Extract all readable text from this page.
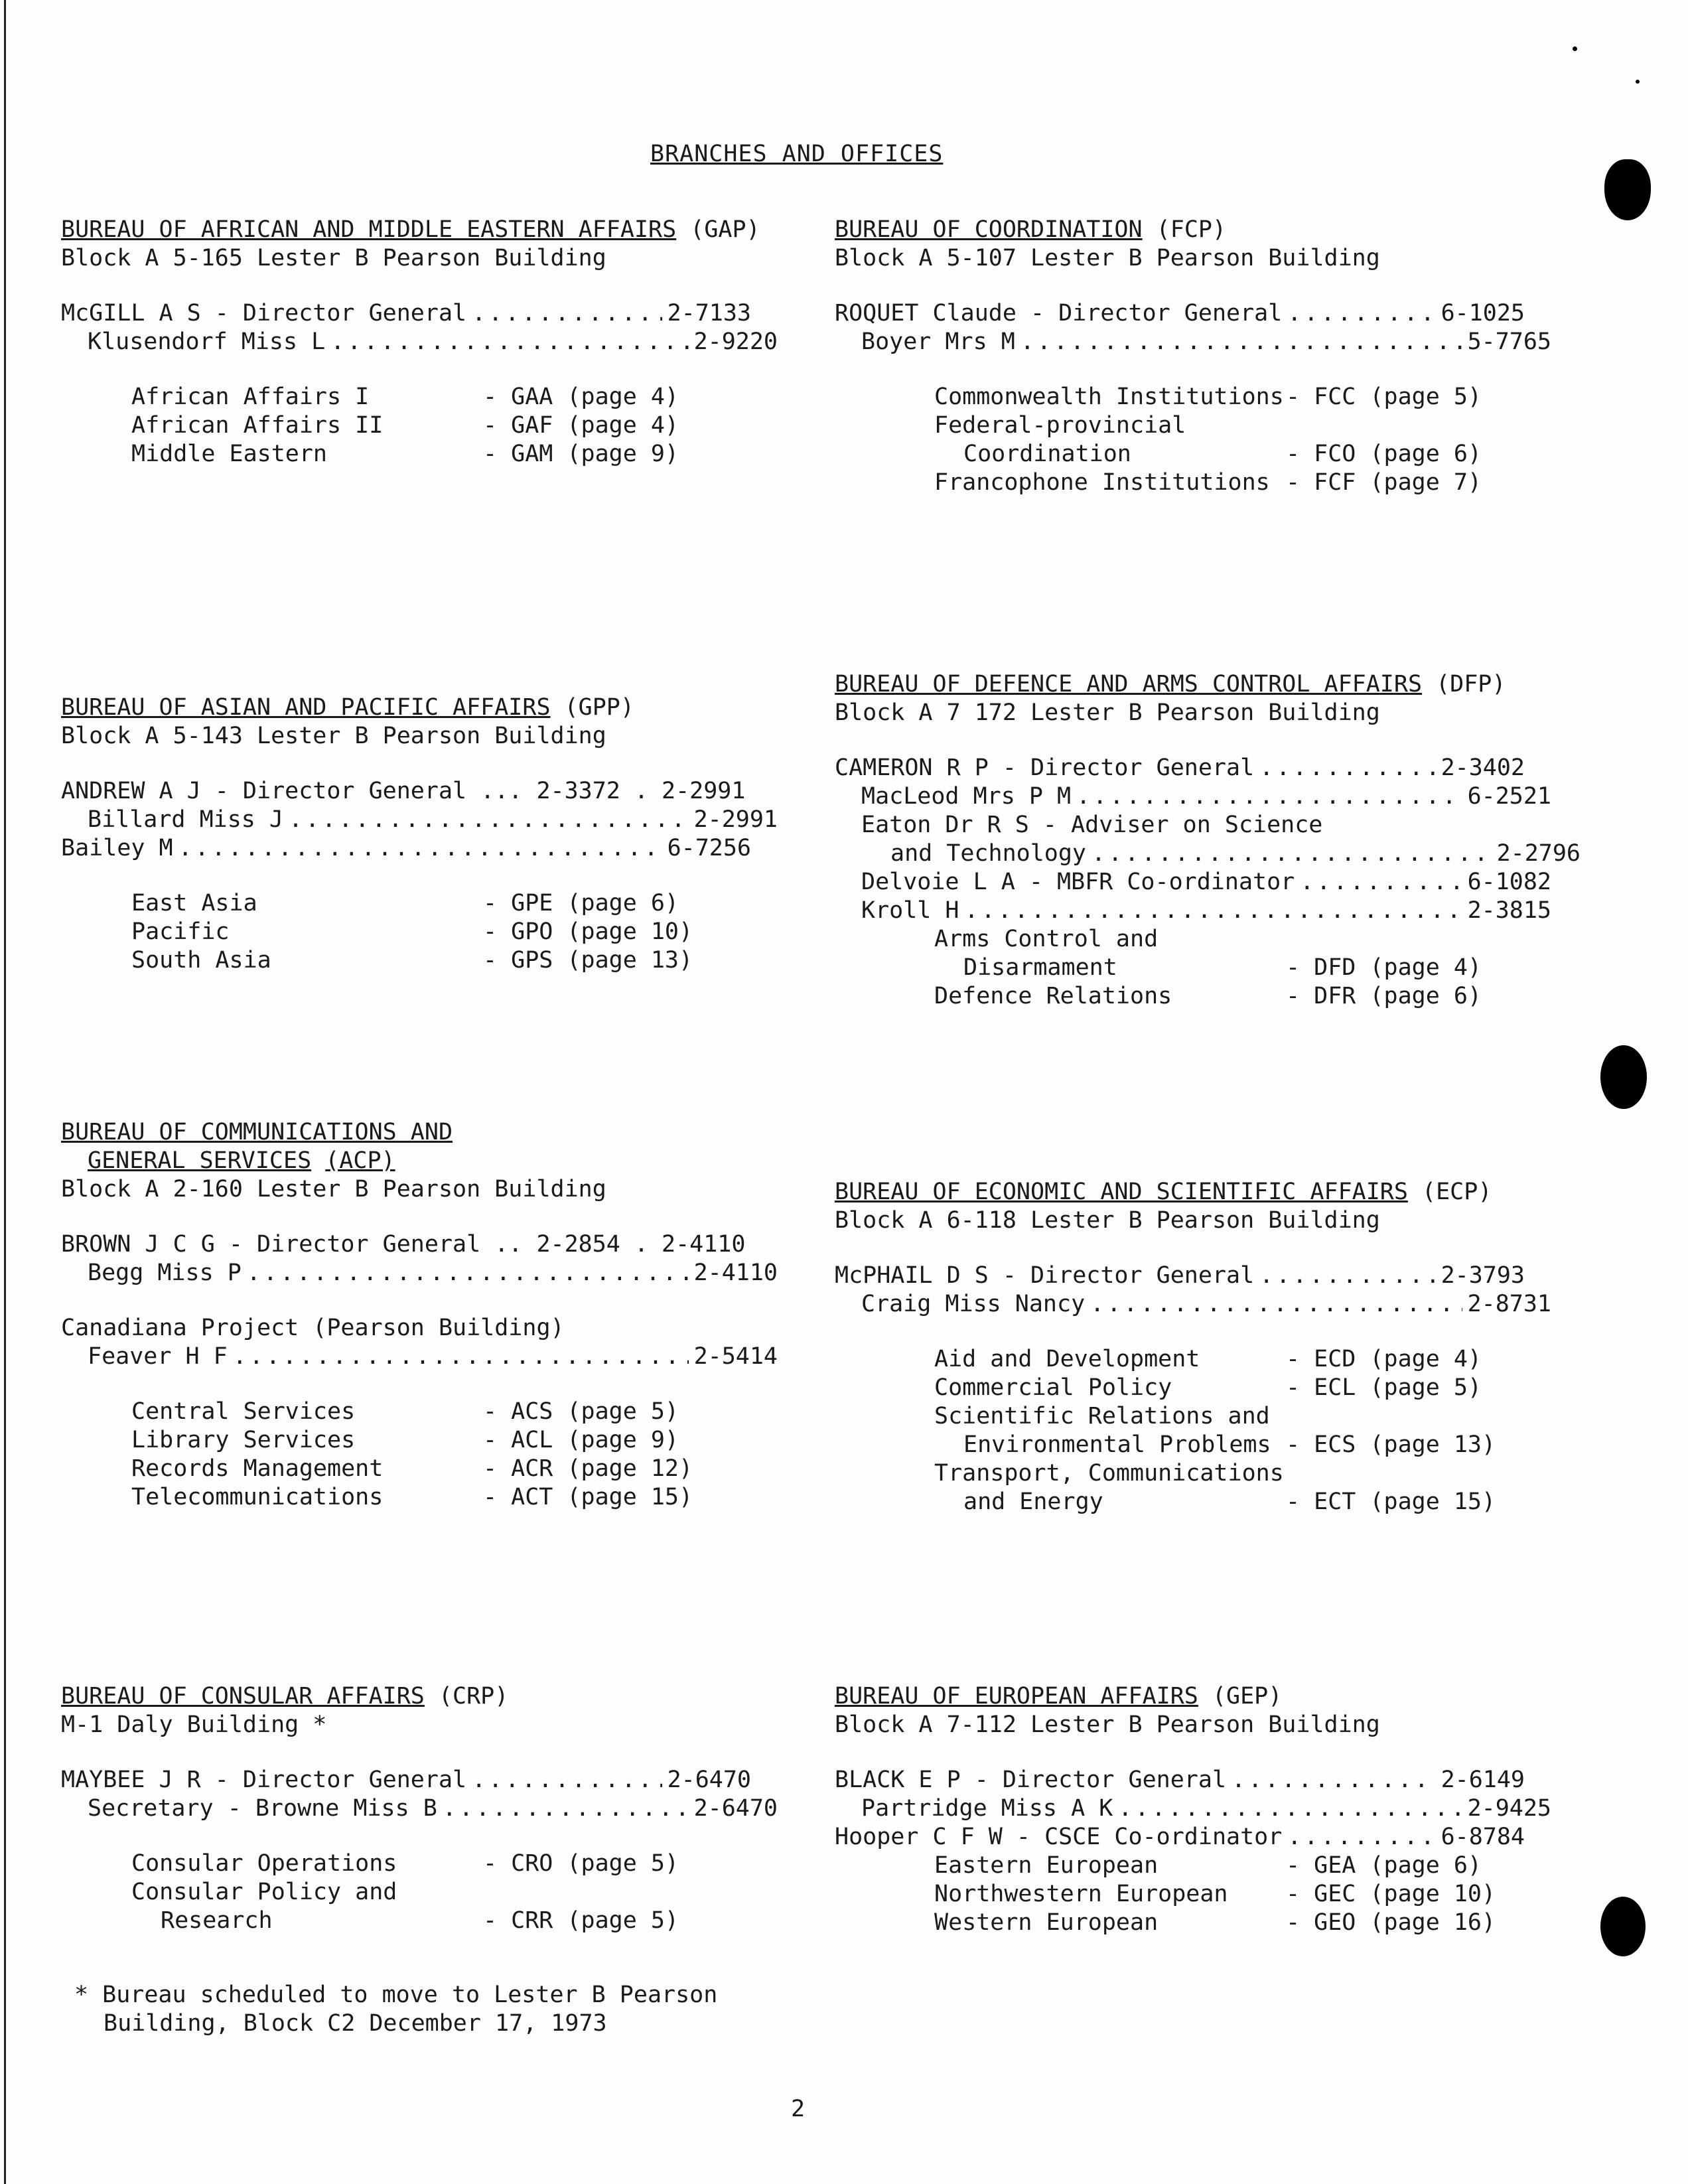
BRANCHES AND OFFICES
BUREAU OF AFRICAN AND MIDDLE EASTERN AFFAIRS (GAP)
Block A 5-165 Lester B Pearson Building
McGILL A S - Director General .....	2-7133
Klusendorf Miss L .....	2-9220
African Affairs I	- GAA (page 4)
African Affairs II	- GAF (page 4)
Middle Eastern	- GAM (page 9)
BUREAU OF COORDINATION (FCP)
Block A 5-107 Lester B Pearson Building
ROQUET Claude - Director General .....	6-1025
Boyer Mrs M .....	5-7765
Commonwealth Institutions - FCC (page 5)
Federal-provincial
Coordination	- FCO (page 6)
Francophone Institutions - FCF (page 7)
BUREAU OF ASIAN AND PACIFIC AFFAIRS (GPP)
Block A 5-143 Lester B Pearson Building
ANDREW A J - Director General ... 2-3372 . 2-2991
Billard Miss J .....	2-2991
Bailey M .....	6-7256
East Asia	- GPE (page 6)
Pacific	- GPO (page 10)
South Asia	- GPS (page 13)
BUREAU OF DEFENCE AND ARMS CONTROL AFFAIRS (DFP)
Block A 7 172 Lester B Pearson Building
CAMERON R P - Director General .....	2-3402
MacLeod Mrs P M .....	6-2521
Eaton Dr R S - Adviser on Science
and Technology .....	2-2796
Delvoie L A - MBFR Co-ordinator .....	6-1082
Kroll H .....	2-3815
Arms Control and
Disarmament	- DFD (page 4)
Defence Relations	- DFR (page 6)
BUREAU OF COMMUNICATIONS AND
GENERAL SERVICES (ACP)
Block A 2-160 Lester B Pearson Building
BROWN J C G - Director General .. 2-2854 . 2-4110
Begg Miss P .....	2-4110
Canadiana Project (Pearson Building)
Feaver H F .....	2-5414
Central Services	- ACS (page 5)
Library Services	- ACL (page 9)
Records Management	- ACR (page 12)
Telecommunications	- ACT (page 15)
BUREAU OF ECONOMIC AND SCIENTIFIC AFFAIRS (ECP)
Block A 6-118 Lester B Pearson Building
McPHAIL D S - Director General .....	2-3793
Craig Miss Nancy .....	2-8731
Aid and Development	- ECD (page 4)
Commercial Policy	- ECL (page 5)
Scientific Relations and
Environmental Problems - ECS (page 13)
Transport, Communications
and Energy	- ECT (page 15)
BUREAU OF CONSULAR AFFAIRS (CRP)
M-1 Daly Building *
MAYBEE J R - Director General .....	2-6470
Secretary - Browne Miss B .....	2-6470
Consular Operations	- CRO (page 5)
Consular Policy and
Research	- CRR (page 5)
BUREAU OF EUROPEAN AFFAIRS (GEP)
Block A 7-112 Lester B Pearson Building
BLACK E P - Director General .....	2-6149
Partridge Miss A K .....	2-9425
Hooper C F W - CSCE Co-ordinator .....	6-8784
Eastern European	- GEA (page 6)
Northwestern European	- GEC (page 10)
Western European	- GEO (page 16)
* Bureau scheduled to move to Lester B Pearson
Building, Block C2 December 17, 1973
2
